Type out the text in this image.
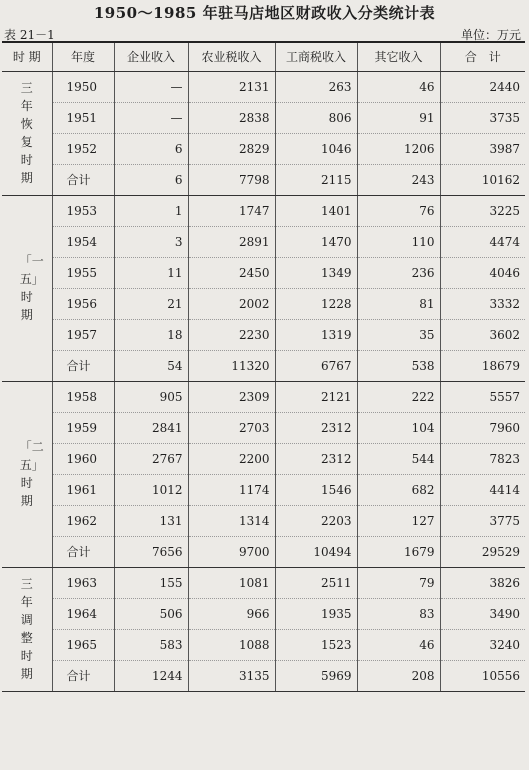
1950～1985 年驻马店地区财政收入分类统计表
表 21－1	单位：万元
时 期	年度	企业收入	农业税收入	工商税收入	其它收入	合　计
三年恢复时期	1950	—	2131	263	46	2440
	1951	—	2838	806	91	3735
	1952	6	2829	1046	1206	3987
	合计	6	7798	2115	243	10162
「一五」时期	1953	1	1747	1401	76	3225
	1954	3	2891	1470	110	4474
	1955	11	2450	1349	236	4046
	1956	21	2002	1228	81	3332
	1957	18	2230	1319	35	3602
	合计	54	11320	6767	538	18679
「二五」时期	1958	905	2309	2121	222	5557
	1959	2841	2703	2312	104	7960
	1960	2767	2200	2312	544	7823
	1961	1012	1174	1546	682	4414
	1962	131	1314	2203	127	3775
	合计	7656	9700	10494	1679	29529
三年调整时期	1963	155	1081	2511	79	3826
	1964	506	966	1935	83	3490
	1965	583	1088	1523	46	3240
	合计	1244	3135	5969	208	10556
